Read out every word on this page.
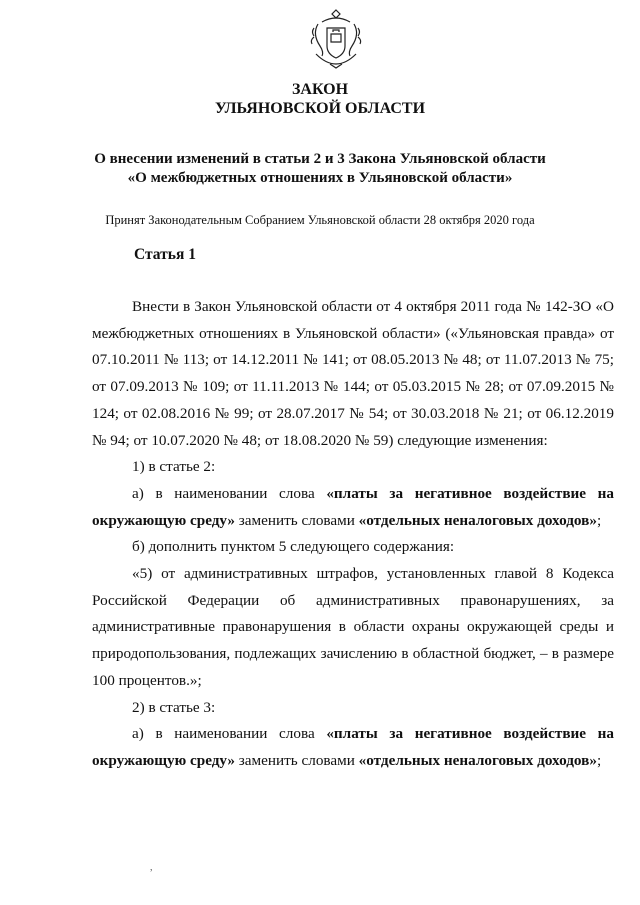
ЗАКОН
УЛЬЯНОВСКОЙ ОБЛАСТИ
О внесении изменений в статьи 2 и 3 Закона Ульяновской области
«О межбюджетных отношениях в Ульяновской области»
Принят Законодательным Собранием Ульяновской области 28 октября 2020 года
Статья 1

Внести в Закон Ульяновской области от 4 октября 2011 года № 142-ЗО «О межбюджетных отношениях в Ульяновской области» («Ульяновская правда» от 07.10.2011 № 113; от 14.12.2011 № 141; от 08.05.2013 № 48; от 11.07.2013 № 75; от 07.09.2013 № 109; от 11.11.2013 № 144; от 05.03.2015 № 28; от 07.09.2015 № 124; от 02.08.2016 № 99; от 28.07.2017 № 54; от 30.03.2018 № 21; от 06.12.2019 № 94; от 10.07.2020 № 48; от 18.08.2020 № 59) следующие изменения:

1) в статье 2:

а) в наименовании слова «платы за негативное воздействие на окружающую среду» заменить словами «отдельных неналоговых доходов»;

б) дополнить пунктом 5 следующего содержания:

«5) от административных штрафов, установленных главой 8 Кодекса Российской Федерации об административных правонарушениях, за административные правонарушения в области охраны окружающей среды и природопользования, подлежащих зачислению в областной бюджет, – в размере 100 процентов.»;

2) в статье 3:

а) в наименовании слова «платы за негативное воздействие на окружающую среду» заменить словами «отдельных неналоговых доходов»;

,
